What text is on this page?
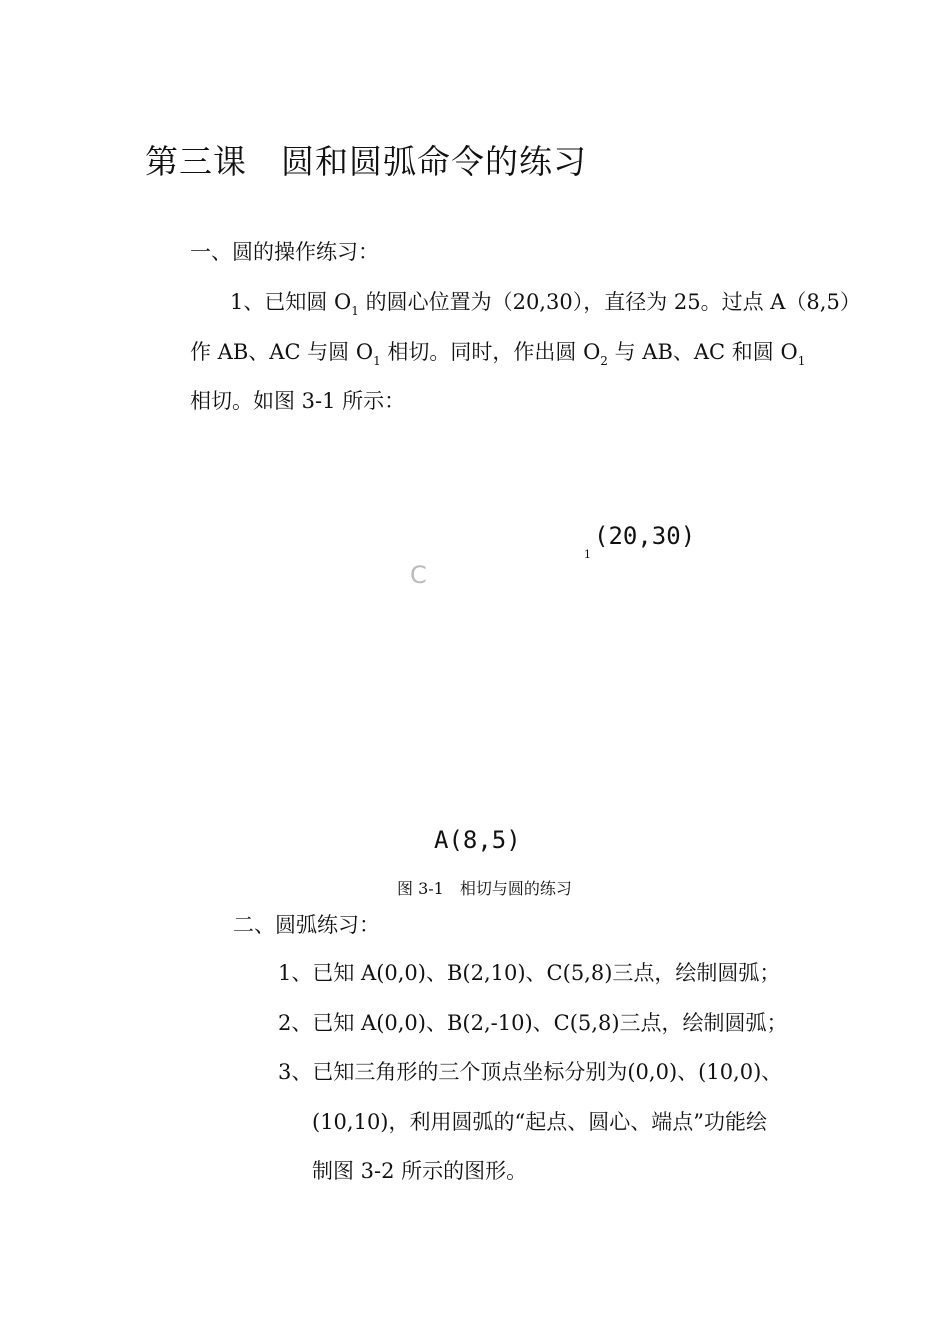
第三课　圆和圆弧命令的练习
一、圆的操作练习：
1、已知圆 $O_1$ 的圆心位置为（20,30），直径为 25。过点 A（8,5）
作 AB、AC 与圆 $O_1$ 相切。同时，作出圆 $O_2$ 与 AB、AC 和圆 $O_1$
相切。如图 3-1 所示：
1
(20,30)
C
A(8,5)
图 3-1　相切与圆的练习
二、圆弧练习：
1、已知 A(0,0)、B(2,10)、C(5,8)三点，绘制圆弧；
2、已知 A(0,0)、B(2,-10)、C(5,8)三点，绘制圆弧；
3、已知三角形的三个顶点坐标分别为(0,0)、(10,0)、
(10,10)，利用圆弧的“起点、圆心、端点”功能绘
制图 3-2 所示的图形。
